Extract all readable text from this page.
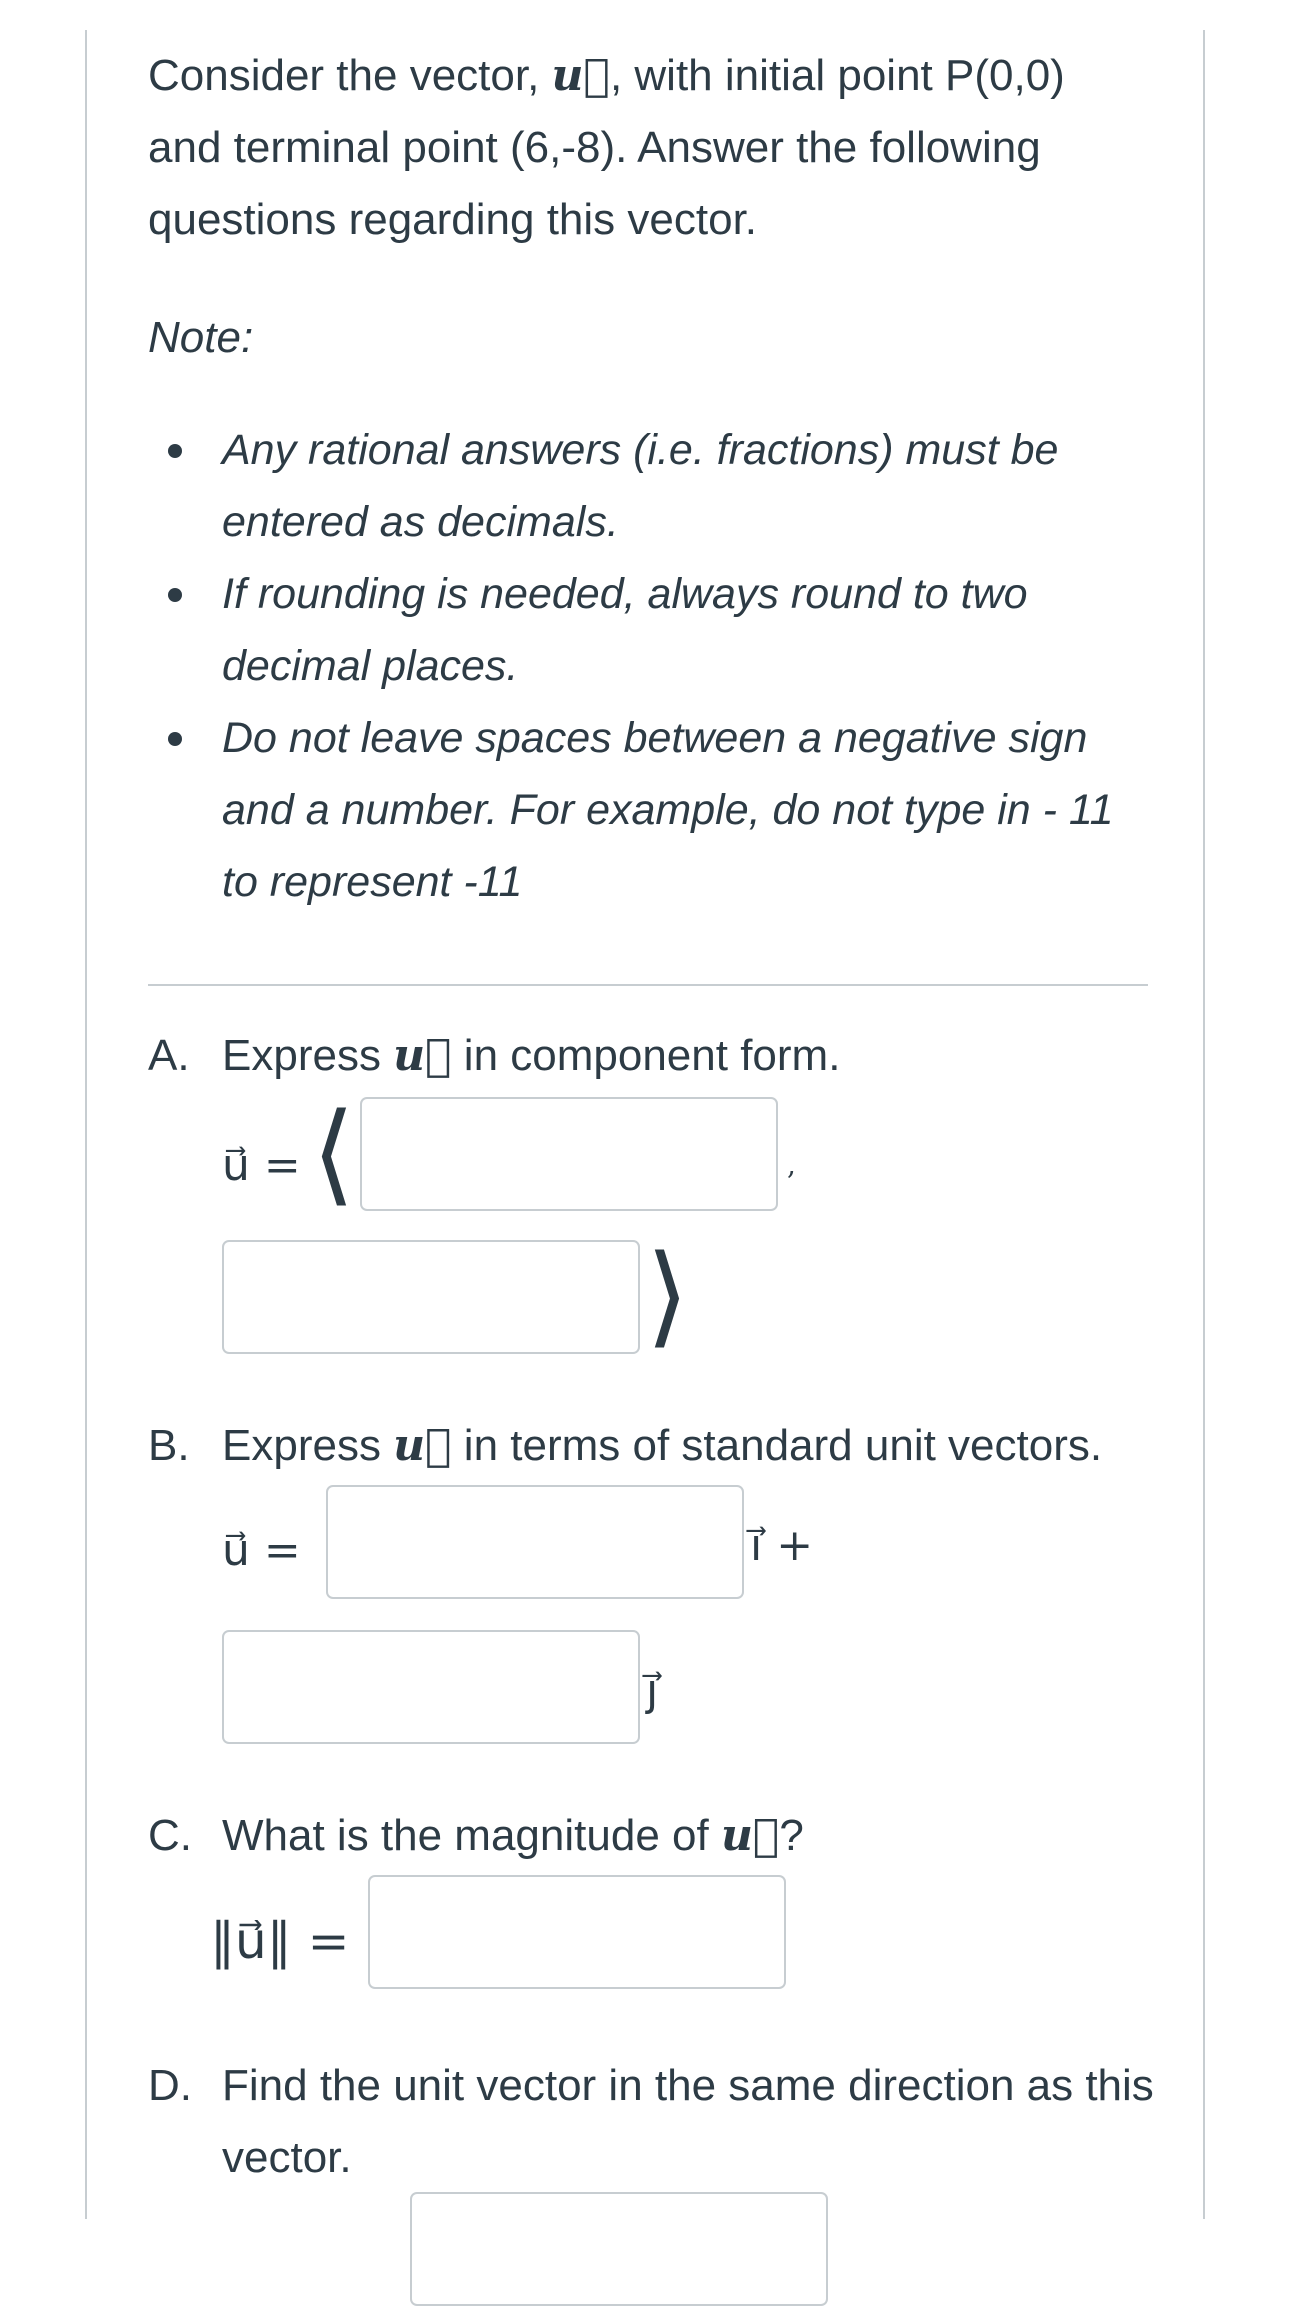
Consider the vector, u⃗, with initial point P(0,0) and terminal point (6,-8). Answer the following questions regarding this vector.

Note:
Any rational answers (i.e. fractions) must be entered as decimals.
If rounding is needed, always round to two decimal places.
Do not leave spaces between a negative sign and a number. For example, do not type in - 11 to represent -11
A. Express u⃗ in component form.
u⃗ = ⟨	,
⟩
B. Express u⃗ in terms of standard unit vectors.
u⃗ =	i⃗ +
j⃗
C. What is the magnitude of u⃗?
‖u⃗‖ =
D. Find the unit vector in the same direction as this vector.
